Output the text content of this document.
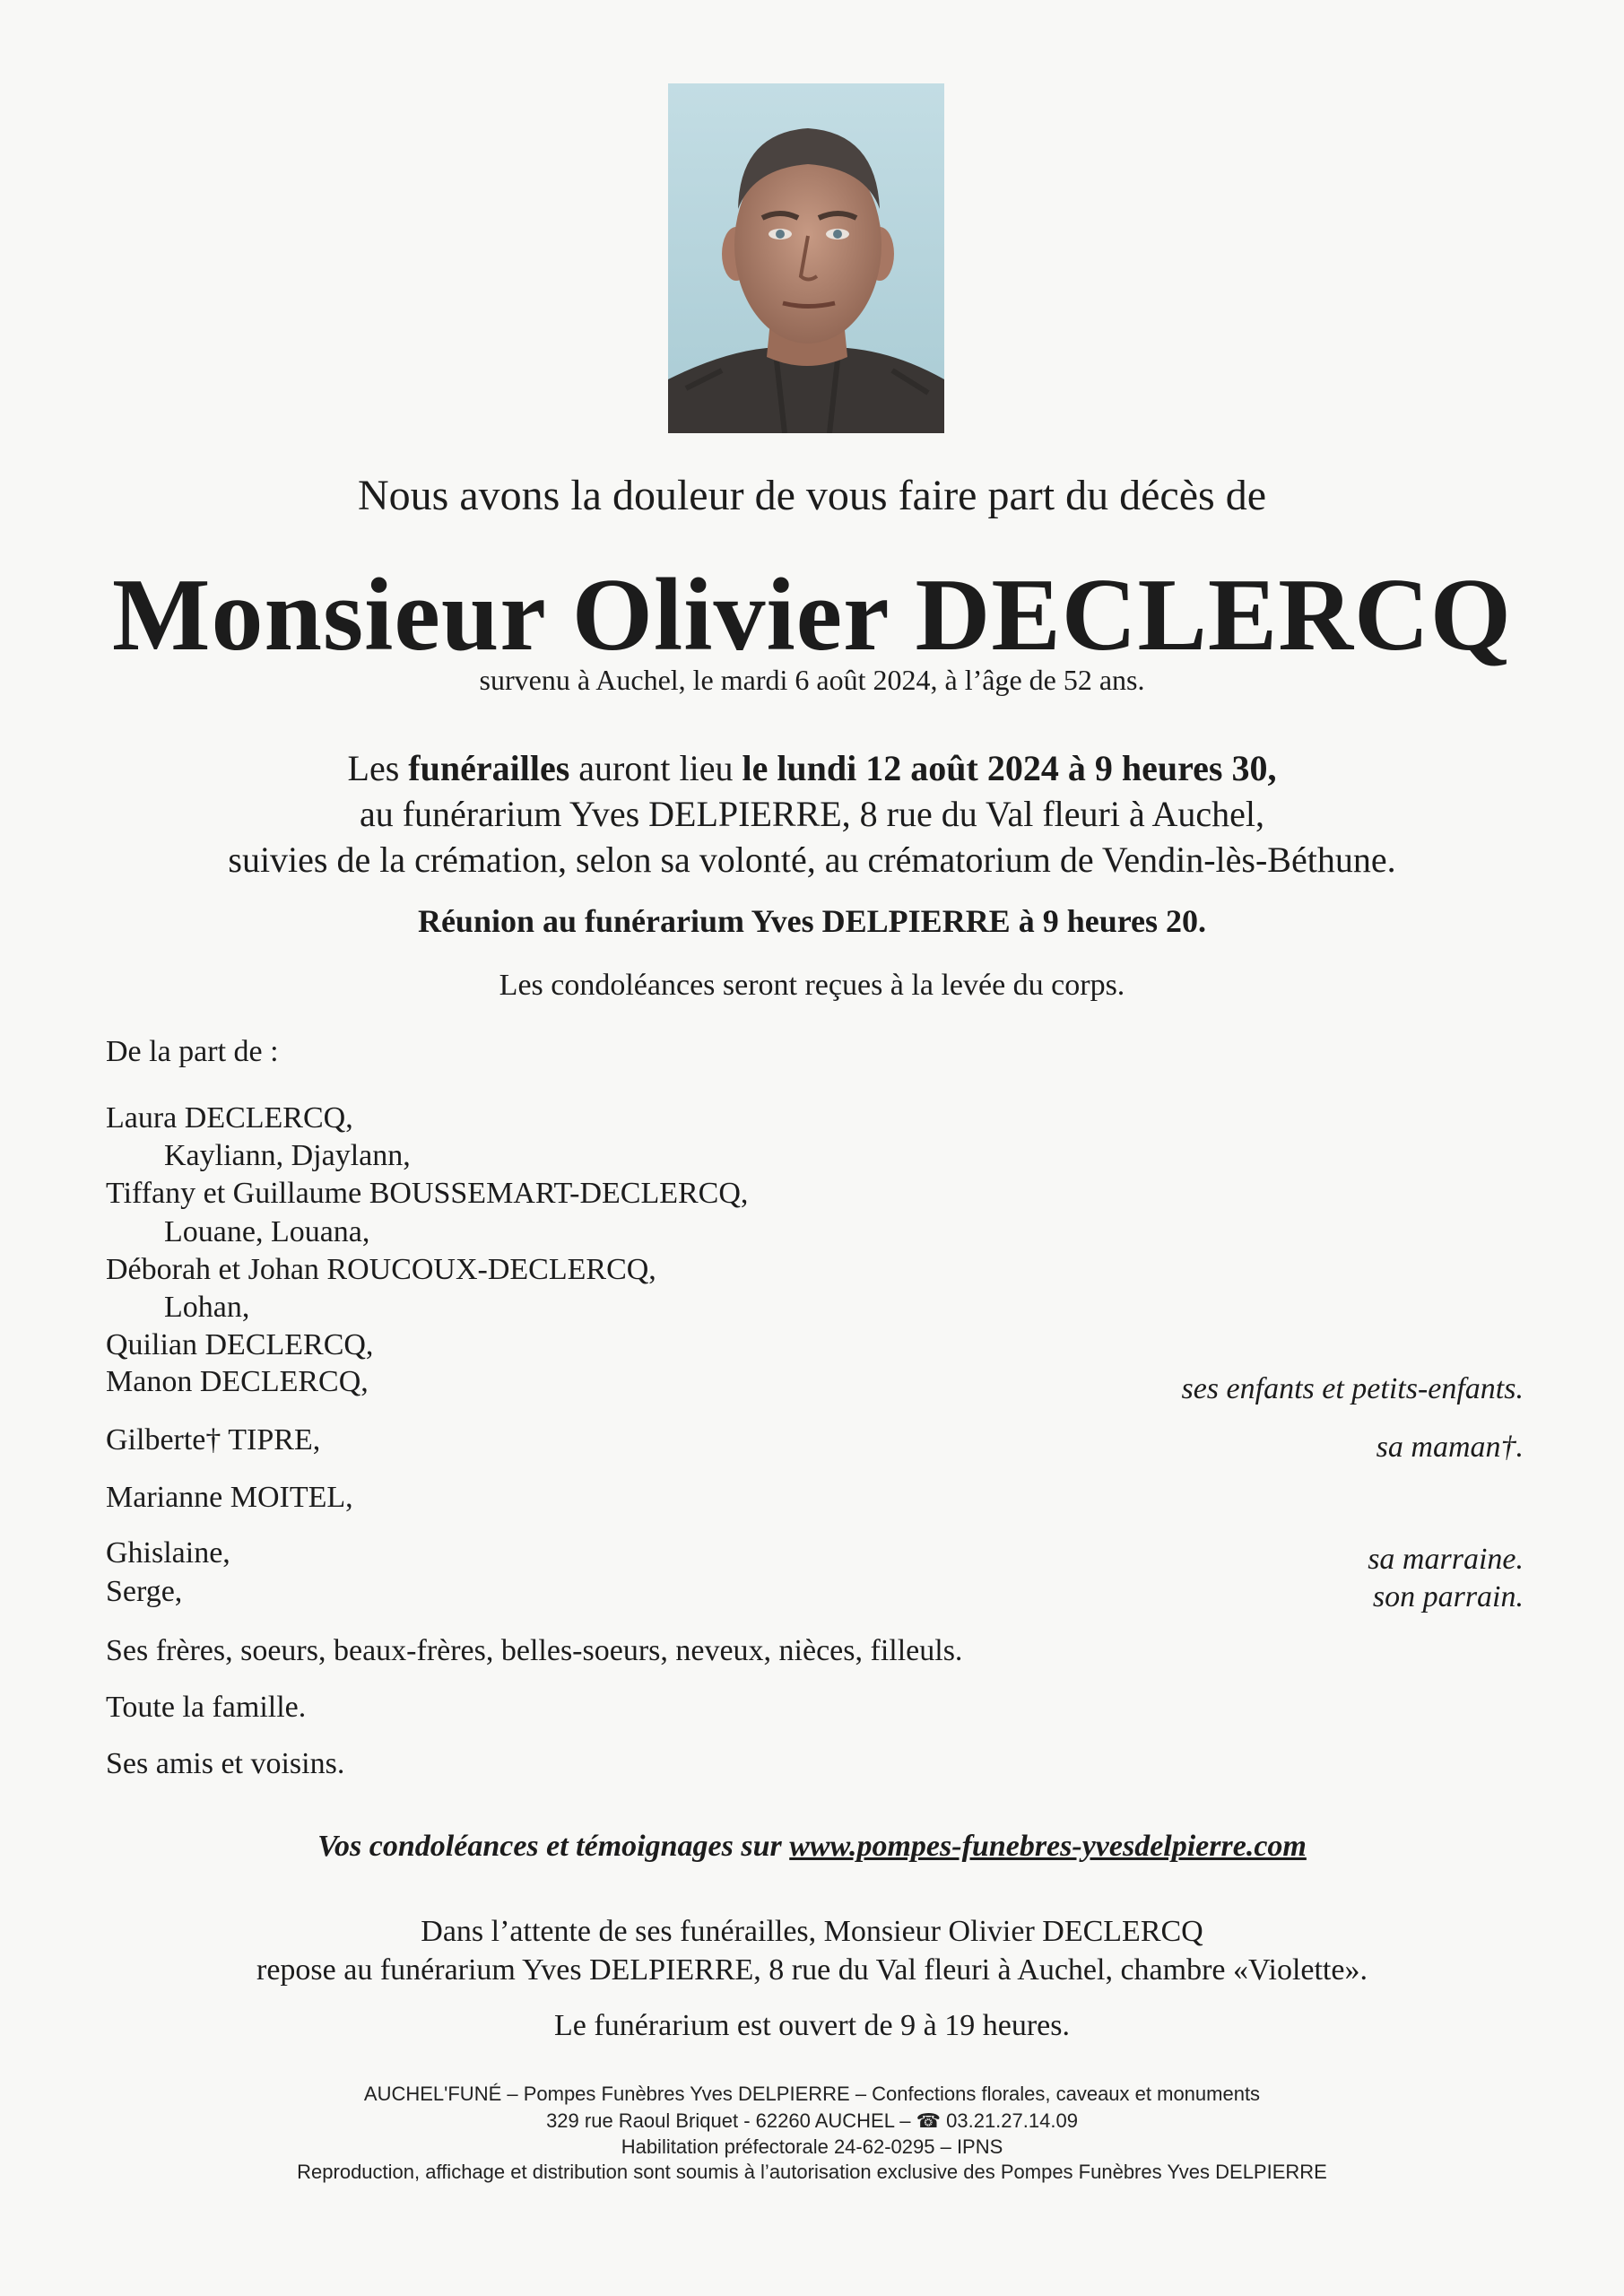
Nous avons la douleur de vous faire part du décès de
Monsieur Olivier DECLERCQ
survenu à Auchel, le mardi 6 août 2024, à l’âge de 52 ans.
Les funérailles auront lieu le lundi 12 août 2024 à 9 heures 30,
au funérarium Yves DELPIERRE, 8 rue du Val fleuri à Auchel,
suivies de la crémation, selon sa volonté, au crématorium de Vendin-lès-Béthune.
Réunion au funérarium Yves DELPIERRE à 9 heures 20.
Les condoléances seront reçues à la levée du corps.
De la part de :
Laura DECLERCQ,
Kayliann, Djaylann,
Tiffany et Guillaume BOUSSEMART-DECLERCQ,
Louane, Louana,
Déborah et Johan ROUCOUX-DECLERCQ,
Lohan,
Quilian DECLERCQ,
Manon DECLERCQ,	ses enfants et petits-enfants.
Gilberte† TIPRE,	sa maman†.
Marianne MOITEL,
Ghislaine,	sa marraine.
Serge,	son parrain.
Ses frères, soeurs, beaux-frères, belles-soeurs, neveux, nièces, filleuls.
Toute la famille.
Ses amis et voisins.
Vos condoléances et témoignages sur www.pompes-funebres-yvesdelpierre.com
Dans l’attente de ses funérailles, Monsieur Olivier DECLERCQ
repose au funérarium Yves DELPIERRE, 8 rue du Val fleuri à Auchel, chambre «Violette».
Le funérarium est ouvert de 9 à 19 heures.
AUCHEL'FUNÉ – Pompes Funèbres Yves DELPIERRE – Confections florales, caveaux et monuments
329 rue Raoul Briquet - 62260 AUCHEL – ☎ 03.21.27.14.09
Habilitation préfectorale 24-62-0295 – IPNS
Reproduction, affichage et distribution sont soumis à l’autorisation exclusive des Pompes Funèbres Yves DELPIERRE
